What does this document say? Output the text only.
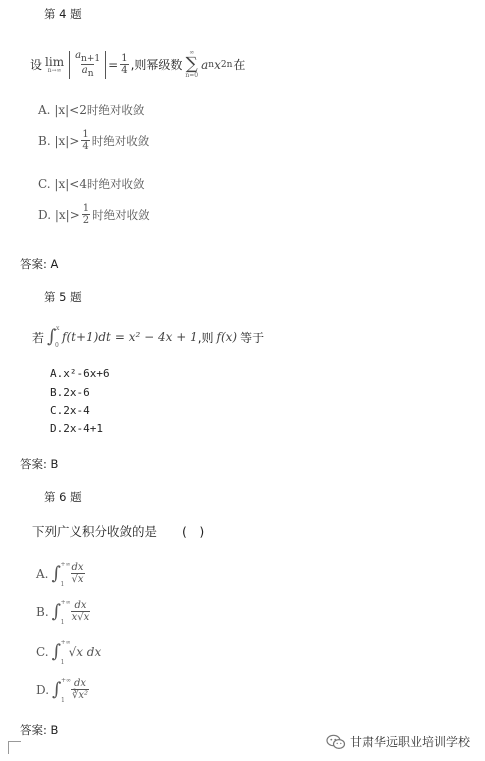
第 4 题
设 lim
$n\to\infty \frac{a_{n+1}}{a_n} = \frac{1}{4}$ ,则幂级数
∞
∑
n=0
a n x 2n 在
A. |x|<2时绝对收敛
B.
$|x|> \frac{1}{4}$ 时绝对收敛
C. |x|<4时绝对收敛
D.
$|x|> \frac{1}{2}$ 时绝对收敛
答案: A
第 5 题
若 ∫ x
0
f(t+1)dt = x² − 4x + 1 ,则 f(x) 等于
A.x²-6x+6
B.2x-6
C.2x-4
D.2x-4+1
答案: B
第 6 题
下列广义积分收敛的是　　(　)
A. ∫ +∞
$1 \frac{dx}{√x}$
B. ∫ +∞
$1 \frac{dx}{x√x}$
C. ∫ +∞
1
√x dx
D. ∫ +∞
$1 \frac{dx}{\text{∛x²}}$
答案: B
甘肃华远职业培训学校
